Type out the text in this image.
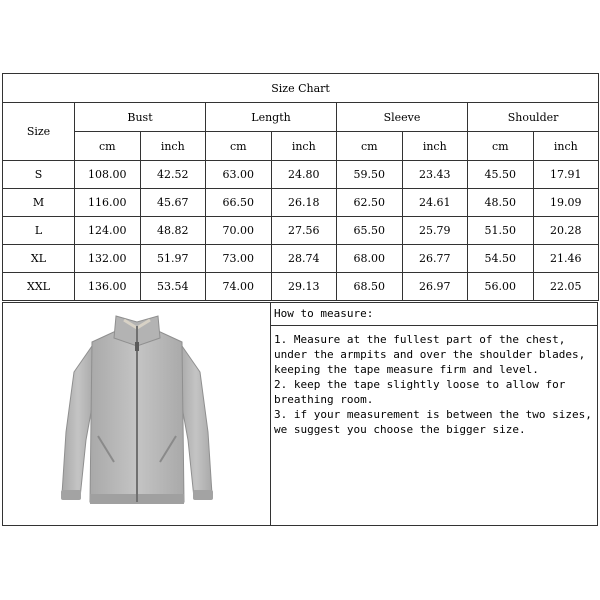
Size Chart								
Size	Bust		Length		Sleeve		Shoulder	
	cm	inch	cm	inch	cm	inch	cm	inch
S	108.00	42.52	63.00	24.80	59.50	23.43	45.50	17.91
M	116.00	45.67	66.50	26.18	62.50	24.61	48.50	19.09
L	124.00	48.82	70.00	27.56	65.50	25.79	51.50	20.28
XL	132.00	51.97	73.00	28.74	68.00	26.77	54.50	21.46
XXL	136.00	53.54	74.00	29.13	68.50	26.97	56.00	22.05
How to measure:

1. Measure at the fullest part of the chest, under the armpits and over the shoulder blades, keeping the tape measure firm and level.

2. keep the tape slightly loose to allow for breathing room.

3. if your measurement is between the two sizes, we suggest you choose the bigger size.
